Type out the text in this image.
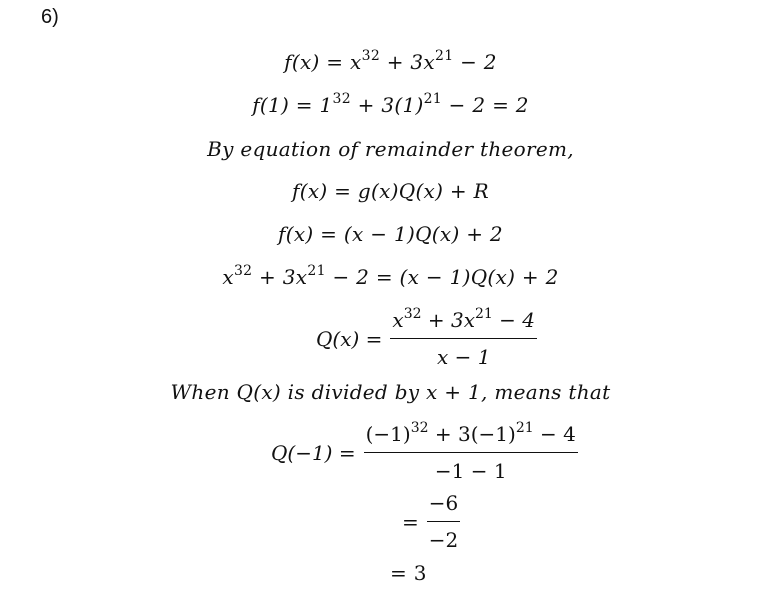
6)
$f(x) = x^{32} + 3x^{21} - 2$
$f(1) = 1^{32} + 3(1)^{21} - 2 = 2$
By equation of remainder theorem,
f(x) = g(x)Q(x) + R
f(x) = (x − 1)Q(x) + 2
$x^{32} + 3x^{21} - 2 = (x - 1)Q(x) + 2$
$Q(x) = \frac{x^{32} + 3x^{21} - 4}{x - 1}$
When Q(x) is divided by x + 1, means that
$Q(-1) = \frac{(-1)^{32} + 3(-1)^{21} - 4}{-1 - 1}$
= $\frac{-6}{-2}$
= 3
